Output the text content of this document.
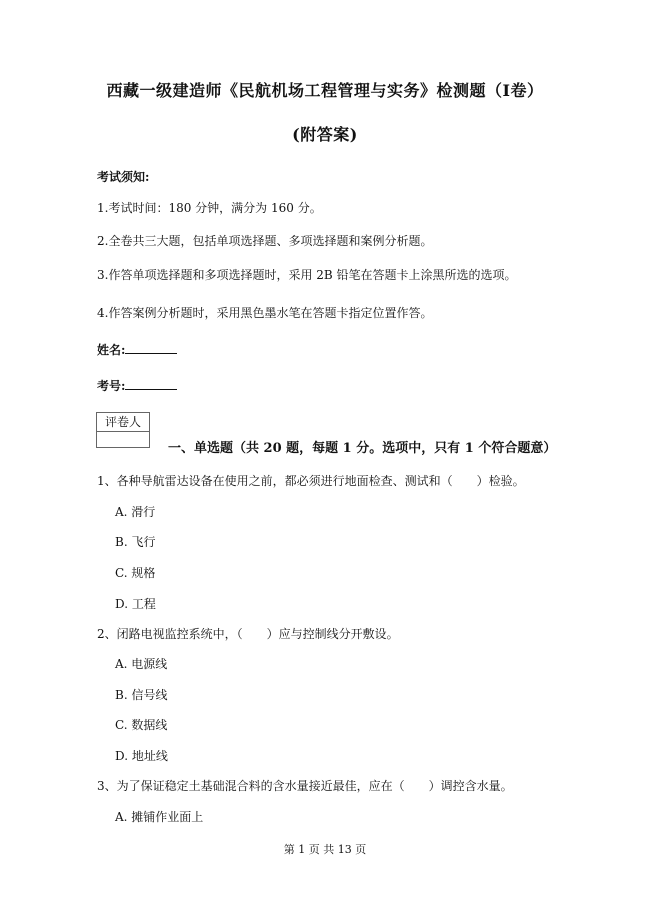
西藏一级建造师《民航机场工程管理与实务》检测题（I卷）
(附答案)
考试须知:
1.考试时间：180 分钟，满分为 160 分。
2.全卷共三大题，包括单项选择题、多项选择题和案例分析题。
3.作答单项选择题和多项选择题时，采用 2B 铅笔在答题卡上涂黑所选的选项。
4.作答案例分析题时，采用黑色墨水笔在答题卡指定位置作答。
姓名:
考号:
评卷人
一、单选题（共 20 题，每题 1 分。选项中，只有 1 个符合题意）
1、各种导航雷达设备在使用之前，都必须进行地面检查、测试和（　　）检验。
A. 滑行
B. 飞行
C. 规格
D. 工程
2、闭路电视监控系统中，（　　）应与控制线分开敷设。
A. 电源线
B. 信号线
C. 数据线
D. 地址线
3、为了保证稳定土基础混合料的含水量接近最佳，应在（　　）调控含水量。
A. 摊铺作业面上
第 1 页 共 13 页
